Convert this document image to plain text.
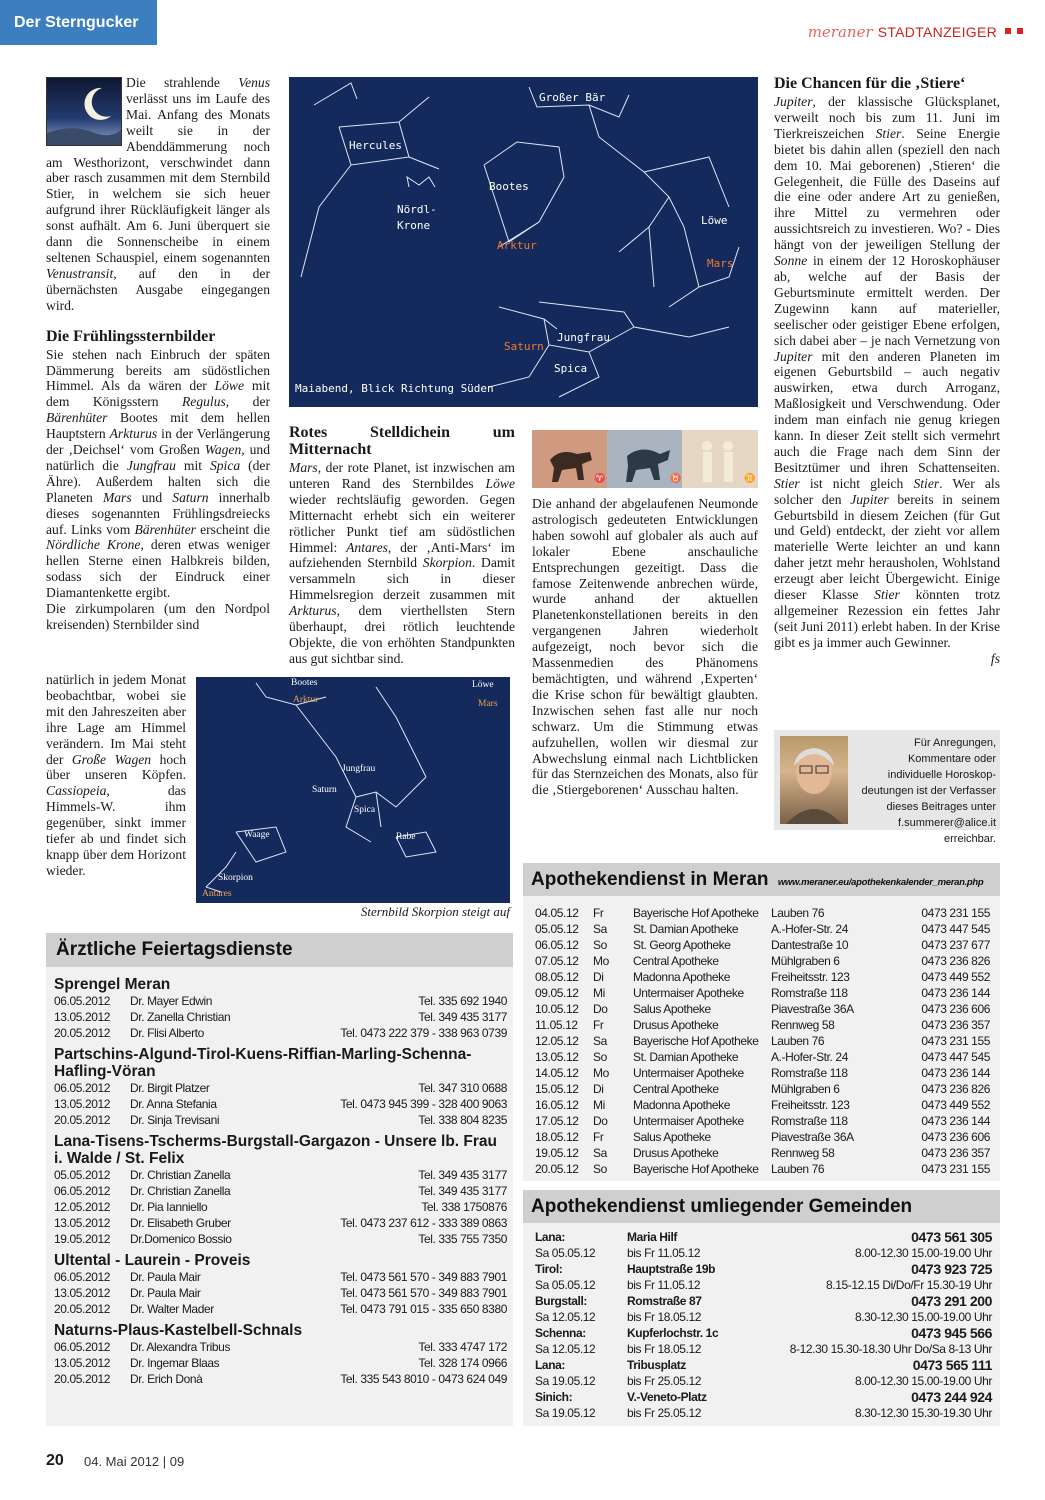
Der Sterngucker
meraner STADTANZEIGER
Die strahlende Venus verlässt uns im Laufe des Mai. Anfang des Monats weilt sie in der Abenddämmerung noch am Westhorizont, verschwindet dann aber rasch zusammen mit dem Sternbild Stier, in welchem sie sich heuer aufgrund ihrer Rückläufigkeit länger als sonst aufhält. Am 6. Juni überquert sie dann die Sonnenscheibe in einem seltenen Schauspiel, einem sogenannten Venustransit, auf den in der übernächsten Ausgabe eingegangen wird.
Die Frühlingssternbilder

Sie stehen nach Einbruch der späten Dämmerung bereits am südöstlichen Himmel. Als da wären der Löwe mit dem Königsstern Regulus, der Bärenhüter Bootes mit dem hellen Hauptstern Arkturus in der Verlängerung der ‚Deichsel‘ vom Großen Wagen, und natürlich die Jungfrau mit Spica (der Ähre). Außerdem halten sich die Planeten Mars und Saturn innerhalb dieses sogenannten Frühlingsdreiecks auf. Links vom Bärenhüter erscheint die Nördliche Krone, deren etwas weniger hellen Sterne einen Halbkreis bilden, sodass sich der Eindruck einer Diamantenkette ergibt.

Die zirkumpolaren (um den Nordpol kreisenden) Sternbilder sind

natürlich in jedem Monat beobachtbar, wobei sie mit den Jahreszeiten aber ihre Lage am Himmel verändern. Im Mai steht der Große Wagen hoch über unseren Köpfen. Cassiopeia, das Himmels-W. ihm gegenüber, sinkt immer tiefer ab und findet sich knapp über dem Horizont wieder.
Großer Bär
Hercules
Bootes
Nördl-
Krone
Arktur
Löwe
Mars
Jungfrau
Saturn
Spica
Maiabend, Blick Richtung Süden
Rotes Stelldichein um Mitternacht
Mars, der rote Planet, ist inzwischen am unteren Rand des Sternbildes Löwe wieder rechtsläufig geworden. Gegen Mitternacht erhebt sich ein weiterer rötlicher Punkt tief am südöstlichen Himmel: Antares, der ‚Anti-Mars‘ im aufziehenden Sternbild Skorpion. Damit versammeln sich in dieser Himmelsregion derzeit zusammen mit Arkturus, dem vierthellsten Stern überhaupt, drei rötlich leuchtende Objekte, die von erhöhten Standpunkten aus gut sichtbar sind.
Bootes
Arktur
Löwe
Mars
Jungfrau
Saturn
Spica
Waage	Rabe
Skorpion
Antares
Sternbild Skorpion steigt auf
♈	♉	♊
Die anhand der abgelaufenen Neumonde astrologisch gedeuteten Entwicklungen haben sowohl auf globaler als auch auf lokaler Ebene anschauliche Entsprechungen gezeitigt. Dass die famose Zeitenwende anbrechen würde, wurde anhand der aktuellen Planetenkonstellationen bereits in den vergangenen Jahren wiederholt aufgezeigt, noch bevor sich die Massenmedien des Phänomens bemächtigten, und während ‚Experten‘ die Krise schon für bewältigt glaubten. Inzwischen sehen fast alle nur noch schwarz. Um die Stimmung etwas aufzuhellen, wollen wir diesmal zur Abwechslung einmal nach Lichtblicken für das Sternzeichen des Monats, also für die ‚Stiergeborenen‘ Ausschau halten.
Die Chancen für die ‚Stiere‘
Jupiter, der klassische Glücksplanet, verweilt noch bis zum 11. Juni im Tierkreiszeichen Stier. Seine Energie bietet bis dahin allen (speziell den nach dem 10. Mai geborenen) ‚Stieren‘ die Gelegenheit, die Fülle des Daseins auf die eine oder andere Art zu genießen, ihre Mittel zu vermehren oder aussichtsreich zu investieren. Wo? - Dies hängt von der jeweiligen Stellung der Sonne in einem der 12 Horoskophäuser ab, welche auf der Basis der Geburtsminute ermittelt werden. Der Zugewinn kann auf materieller, seelischer oder geistiger Ebene erfolgen, sich dabei aber – je nach Vernetzung von Jupiter mit den anderen Planeten im eigenen Geburtsbild – auch negativ auswirken, etwa durch Arroganz, Maßlosigkeit und Verschwendung. Oder indem man einfach nie genug kriegen kann. In dieser Zeit stellt sich vermehrt auch die Frage nach dem Sinn der Besitztümer und ihren Schattenseiten. Stier ist nicht gleich Stier. Wer als solcher den Jupiter bereits in seinem Geburtsbild in diesem Zeichen (für Gut und Geld) entdeckt, der zieht vor allem materielle Werte leichter an und kann daher jetzt mehr herausholen, Wohlstand erzeugt aber leicht Übergewicht. Einige dieser Klasse Stier könnten trotz allgemeiner Rezession ein fettes Jahr (seit Juni 2011) erlebt haben. In der Krise gibt es ja immer auch Gewinner.
fs
Für Anregungen, Kommentare oder
individuelle Horoskop-
deutungen ist der Verfasser
dieses Beitrages unter
f.summerer@alice.it
erreichbar.
Apothekendienst in Meran www.meraner.eu/apothekenkalender_meran.php
04.05.12	Fr	Bayerische Hof Apotheke	Lauben 76	0473 231 155
05.05.12	Sa	St. Damian Apotheke	A.-Hofer-Str. 24	0473 447 545
06.05.12	So	St. Georg Apotheke	Dantestraße 10	0473 237 677
07.05.12	Mo	Central Apotheke	Mühlgraben 6	0473 236 826
08.05.12	Di	Madonna Apotheke	Freiheitsstr. 123	0473 449 552
09.05.12	Mi	Untermaiser Apotheke	Romstraße 118	0473 236 144
10.05.12	Do	Salus Apotheke	Piavestraße 36A	0473 236 606
11.05.12	Fr	Drusus Apotheke	Rennweg 58	0473 236 357
12.05.12	Sa	Bayerische Hof Apotheke	Lauben 76	0473 231 155
13.05.12	So	St. Damian Apotheke	A.-Hofer-Str. 24	0473 447 545
14.05.12	Mo	Untermaiser Apotheke	Romstraße 118	0473 236 144
15.05.12	Di	Central Apotheke	Mühlgraben 6	0473 236 826
16.05.12	Mi	Madonna Apotheke	Freiheitsstr. 123	0473 449 552
17.05.12	Do	Untermaiser Apotheke	Romstraße 118	0473 236 144
18.05.12	Fr	Salus Apotheke	Piavestraße 36A	0473 236 606
19.05.12	Sa	Drusus Apotheke	Rennweg 58	0473 236 357
20.05.12	So	Bayerische Hof Apotheke	Lauben 76	0473 231 155
Apothekendienst umliegender Gemeinden
Lana:	Maria Hilf	0473 561 305
Sa 05.05.12	bis Fr 11.05.12	8.00-12.30 15.00-19.00 Uhr
Tirol:	Hauptstraße 19b	0473 923 725
Sa 05.05.12	bis Fr 11.05.12	8.15-12.15 Di/Do/Fr 15.30-19 Uhr
Burgstall:	Romstraße 87	0473 291 200
Sa 12.05.12	bis Fr 18.05.12	8.30-12.30 15.00-19.00 Uhr
Schenna:	Kupferlochstr. 1c	0473 945 566
Sa 12.05.12	bis Fr 18.05.12	8-12.30 15.30-18.30 Uhr Do/Sa 8-13 Uhr
Lana:	Tribusplatz	0473 565 111
Sa 19.05.12	bis Fr 25.05.12	8.00-12.30 15.00-19.00 Uhr
Sinich:	V.-Veneto-Platz	0473 244 924
Sa 19.05.12	bis Fr 25.05.12	8.30-12.30 15.30-19.30 Uhr
Ärztliche Feiertagsdienste
Sprengel Meran
06.05.2012	Dr. Mayer Edwin	Tel. 335 692 1940
13.05.2012	Dr. Zanella Christian	Tel. 349 435 3177
20.05.2012	Dr. Flisi Alberto	Tel. 0473 222 379 - 338 963 0739
Partschins-Algund-Tirol-Kuens-Riffian-Marling-Schenna-Hafling-Vöran
06.05.2012	Dr. Birgit Platzer	Tel. 347 310 0688
13.05.2012	Dr. Anna Stefania	Tel. 0473 945 399 - 328 400 9063
20.05.2012	Dr. Sinja Trevisani	Tel. 338 804 8235
Lana-Tisens-Tscherms-Burgstall-Gargazon - Unsere lb. Frau i. Walde / St. Felix
05.05.2012	Dr. Christian Zanella	Tel. 349 435 3177
06.05.2012	Dr. Christian Zanella	Tel. 349 435 3177
12.05.2012	Dr. Pia Ianniello	Tel. 338 1750876
13.05.2012	Dr. Elisabeth Gruber	Tel. 0473 237 612 - 333 389 0863
19.05.2012	Dr.Domenico Bossio	Tel. 335 755 7350
Ultental - Laurein - Proveis
06.05.2012	Dr. Paula Mair	Tel. 0473 561 570 - 349 883 7901
13.05.2012	Dr. Paula Mair	Tel. 0473 561 570 - 349 883 7901
20.05.2012	Dr. Walter Mader	Tel. 0473 791 015 - 335 650 8380
Naturns-Plaus-Kastelbell-Schnals
06.05.2012	Dr. Alexandra Tribus	Tel. 333 4747 172
13.05.2012	Dr. Ingemar Blaas	Tel. 328 174 0966
20.05.2012	Dr. Erich Donà	Tel. 335 543 8010 - 0473 624 049
20 04. Mai 2012 | 09
